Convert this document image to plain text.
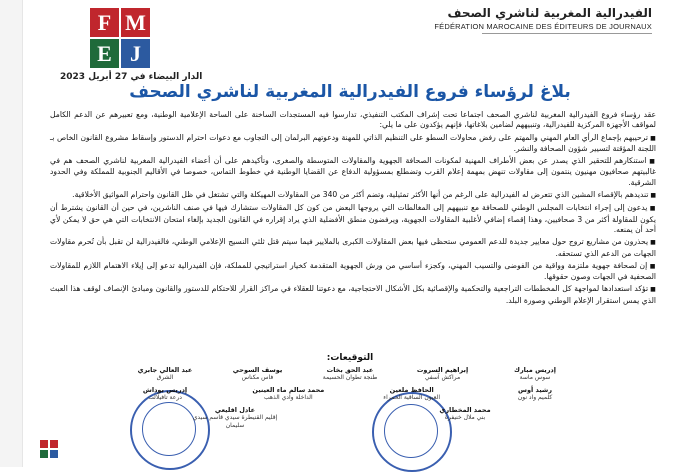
الفيدرالية المغربية لناشري الصحف
FÉDÉRATION MAROCAINE DES ÉDITEURS DE JOURNAUX
F M
E J
الدار البيضاء في 27 أبريل 2023
بلاغ لرؤساء فروع الفيدرالية المغربية لناشري الصحف

عقد رؤساء فروع الفيدرالية المغربية لناشري الصحف اجتماعا تحت إشراف المكتب التنفيذي، تدارسوا فيه المستجدات الساخنة على الساحة الإعلامية الوطنية، ومع تعبيرهم عن الدعم الكامل لمواقف الأجهزة المركزية للفيدرالية، وتنبيههم لضامين بلاغاتها، فإنهم يؤكدون على ما يلي:

■ ترحيبهم بإجماع الرأي العام المهني والمهتم على رفض محاولات السطو على التنظيم الذاتي للمهنة ودعوتهم البرلمان إلى التجاوب مع دعوات احترام الدستور وإسقاط مشروع القانون الخاص بـ اللجنة المؤقتة لتسيير شؤون الصحافة والنشر.

■ استنكارهم للتحقير الذي يصدر عن بعض الأطراف المهنية لمكونات الصحافة الجهوية والمقاولات المتوسطة والصغرى، وتأكيدهم على أن أعضاء الفيدرالية المغربية لناشري الصحف هم في غالبيتهم صحافيون مهنيون ينتمون إلى مقاولات تنهض بمهمة إعلام القرب وتضطلع بمسؤولية الدفاع عن القضايا الوطنية في خطوط التماس، خصوصا في الأقاليم الجنوبية للمملكة وفي الحدود الشرقية.

■ تنديدهم بالإقصاء المشين الذي تتعرض له الفيدرالية على الرغم من أنها الأكثر تمثيلية، وتضم أكثر من 340 من المقاولات المهيكلة والتي تشتغل في ظل القانون واحترام المواثيق الأخلاقية.

■ يدعون إلى إجراء انتخابات المجلس الوطني للصحافة مع تنبيههم إلى المغالطات التي يروجها البعض من كون كل المقاولات ستشارك فيها في صنف الناشرين، في حين أن القانون يشترط أن يكون للمقاولة أكثر من 3 صحافيين، وهذا إقصاء إضافي لأغلبية المقاولات الجهوية، ويرفضون منطق الأفضلية الذي يراد إقراره في القانون الجديد بإلغاء امتحان الانتخابات التي هي حق لا يمكن لأي أحد أن يمنعه.

■ يحذرون من مشاريع تروج حول معايير جديدة للدعم العمومي ستحظى فيها بعض المقاولات الكبرى بالملايير فيما سيتم قتل ثلثي النسيج الإعلامي الوطني، فالفيدرالية لن تقبل بأن تُحرم مقاولات الجهات من الدعم الذي تستحقه.

■ إن لصحافة جهوية ملتزمة وواقية من الفوضى والتسيب المهني، وكجزء أساسي من ورش الجهوية المتقدمة كخيار استراتيجي للمملكة، فإن الفيدرالية تدعو إلى إيلاء الاهتمام اللازم للمقاولات الصحفية في الجهات وصون حقوقها.

■ تؤكد استعدادها لمواجهة كل المخططات التراجعية والتحكمية والإقصائية بكل الأشكال الاحتجاجية، مع دعوتنا للعقلاء في مراكز القرار للاحتكام للدستور والقانون ومبادئ الإنصاف لوقف هذا العبث الذي يمس استقرار الإعلام الوطني وصورة البلد.

التوقيعات:
إدريس مبارك
سوس ماسة
إبراهيم السروت
مراكش آسفي
عبد الحق بخات
طنجة تطوان الحسيمة
يوسف السوحي
فاس مكناس
عبد العالي جابري
الشرق
رشيد أوس
كلميم واد نون
الحافظ ملعين
العيون الساقية الحمراء
محمد سالم ماء العينين
الداخلة وادي الذهب
إدريس بوداش
درعة تافيلالت
محمد المخطاري
بني ملال خنيفرة
عادل اقليعي
إقليم القنيطرة سيدي قاسم سيدي سليمان
